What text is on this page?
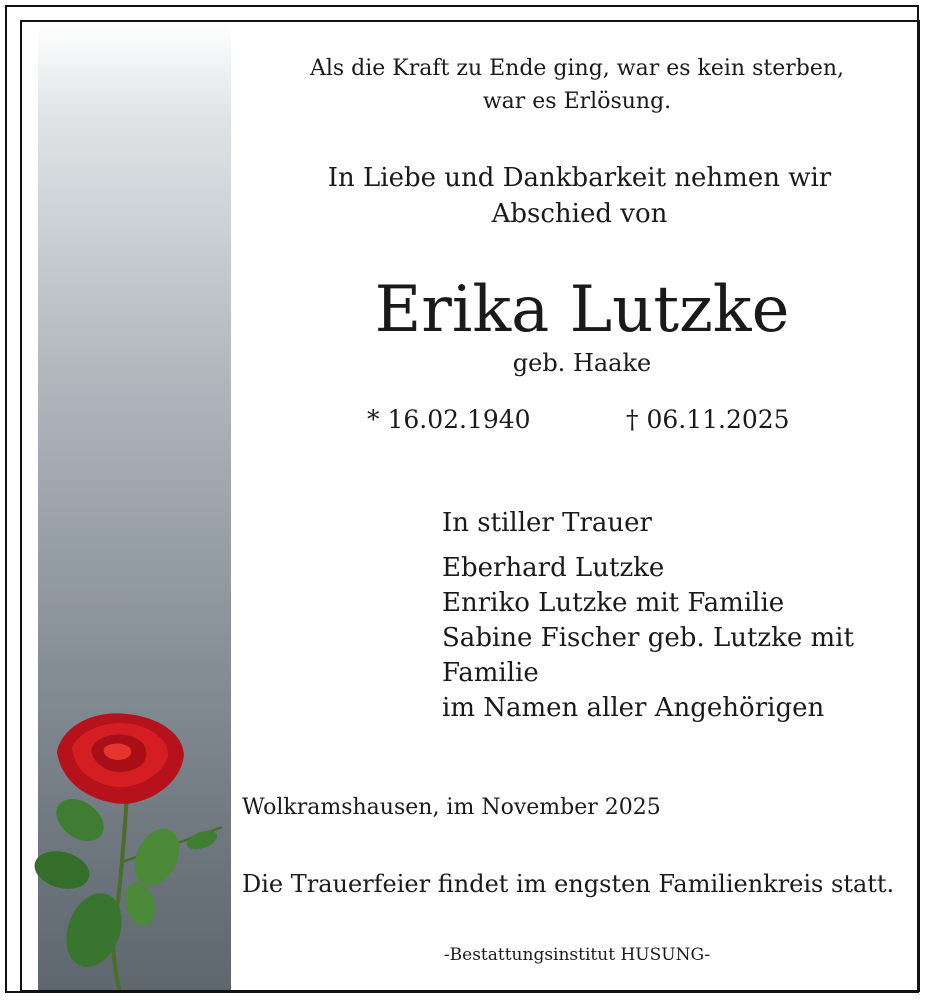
Als die Kraft zu Ende ging, war es kein sterben,
war es Erlösung.
In Liebe und Dankbarkeit nehmen wir
Abschied von
Erika Lutzke
geb. Haake
* 16.02.1940	† 06.11.2025
In stiller Trauer
Eberhard Lutzke
Enriko Lutzke mit Familie
Sabine Fischer geb. Lutzke mit
Familie
im Namen aller Angehörigen
Wolkramshausen, im November 2025
Die Trauerfeier findet im engsten Familienkreis statt.
-Bestattungsinstitut HUSUNG-
